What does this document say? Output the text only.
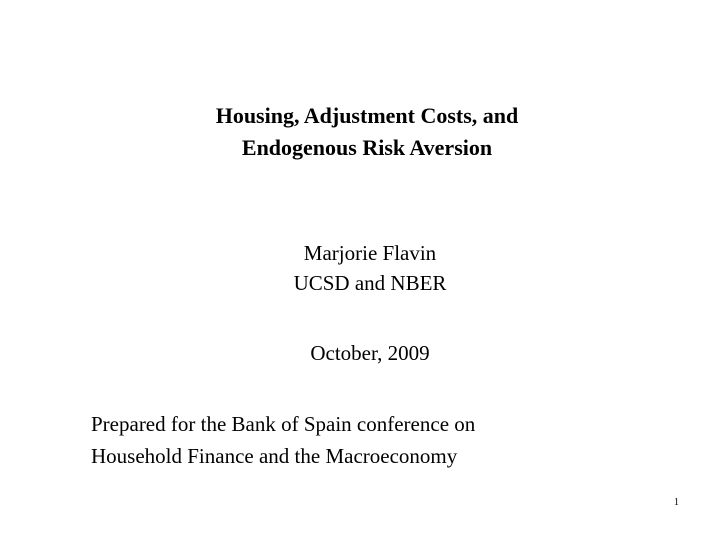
Housing, Adjustment Costs, and
Endogenous Risk Aversion
Marjorie Flavin
UCSD and NBER
October, 2009
Prepared for the Bank of Spain conference on
Household Finance and the Macroeconomy
1
